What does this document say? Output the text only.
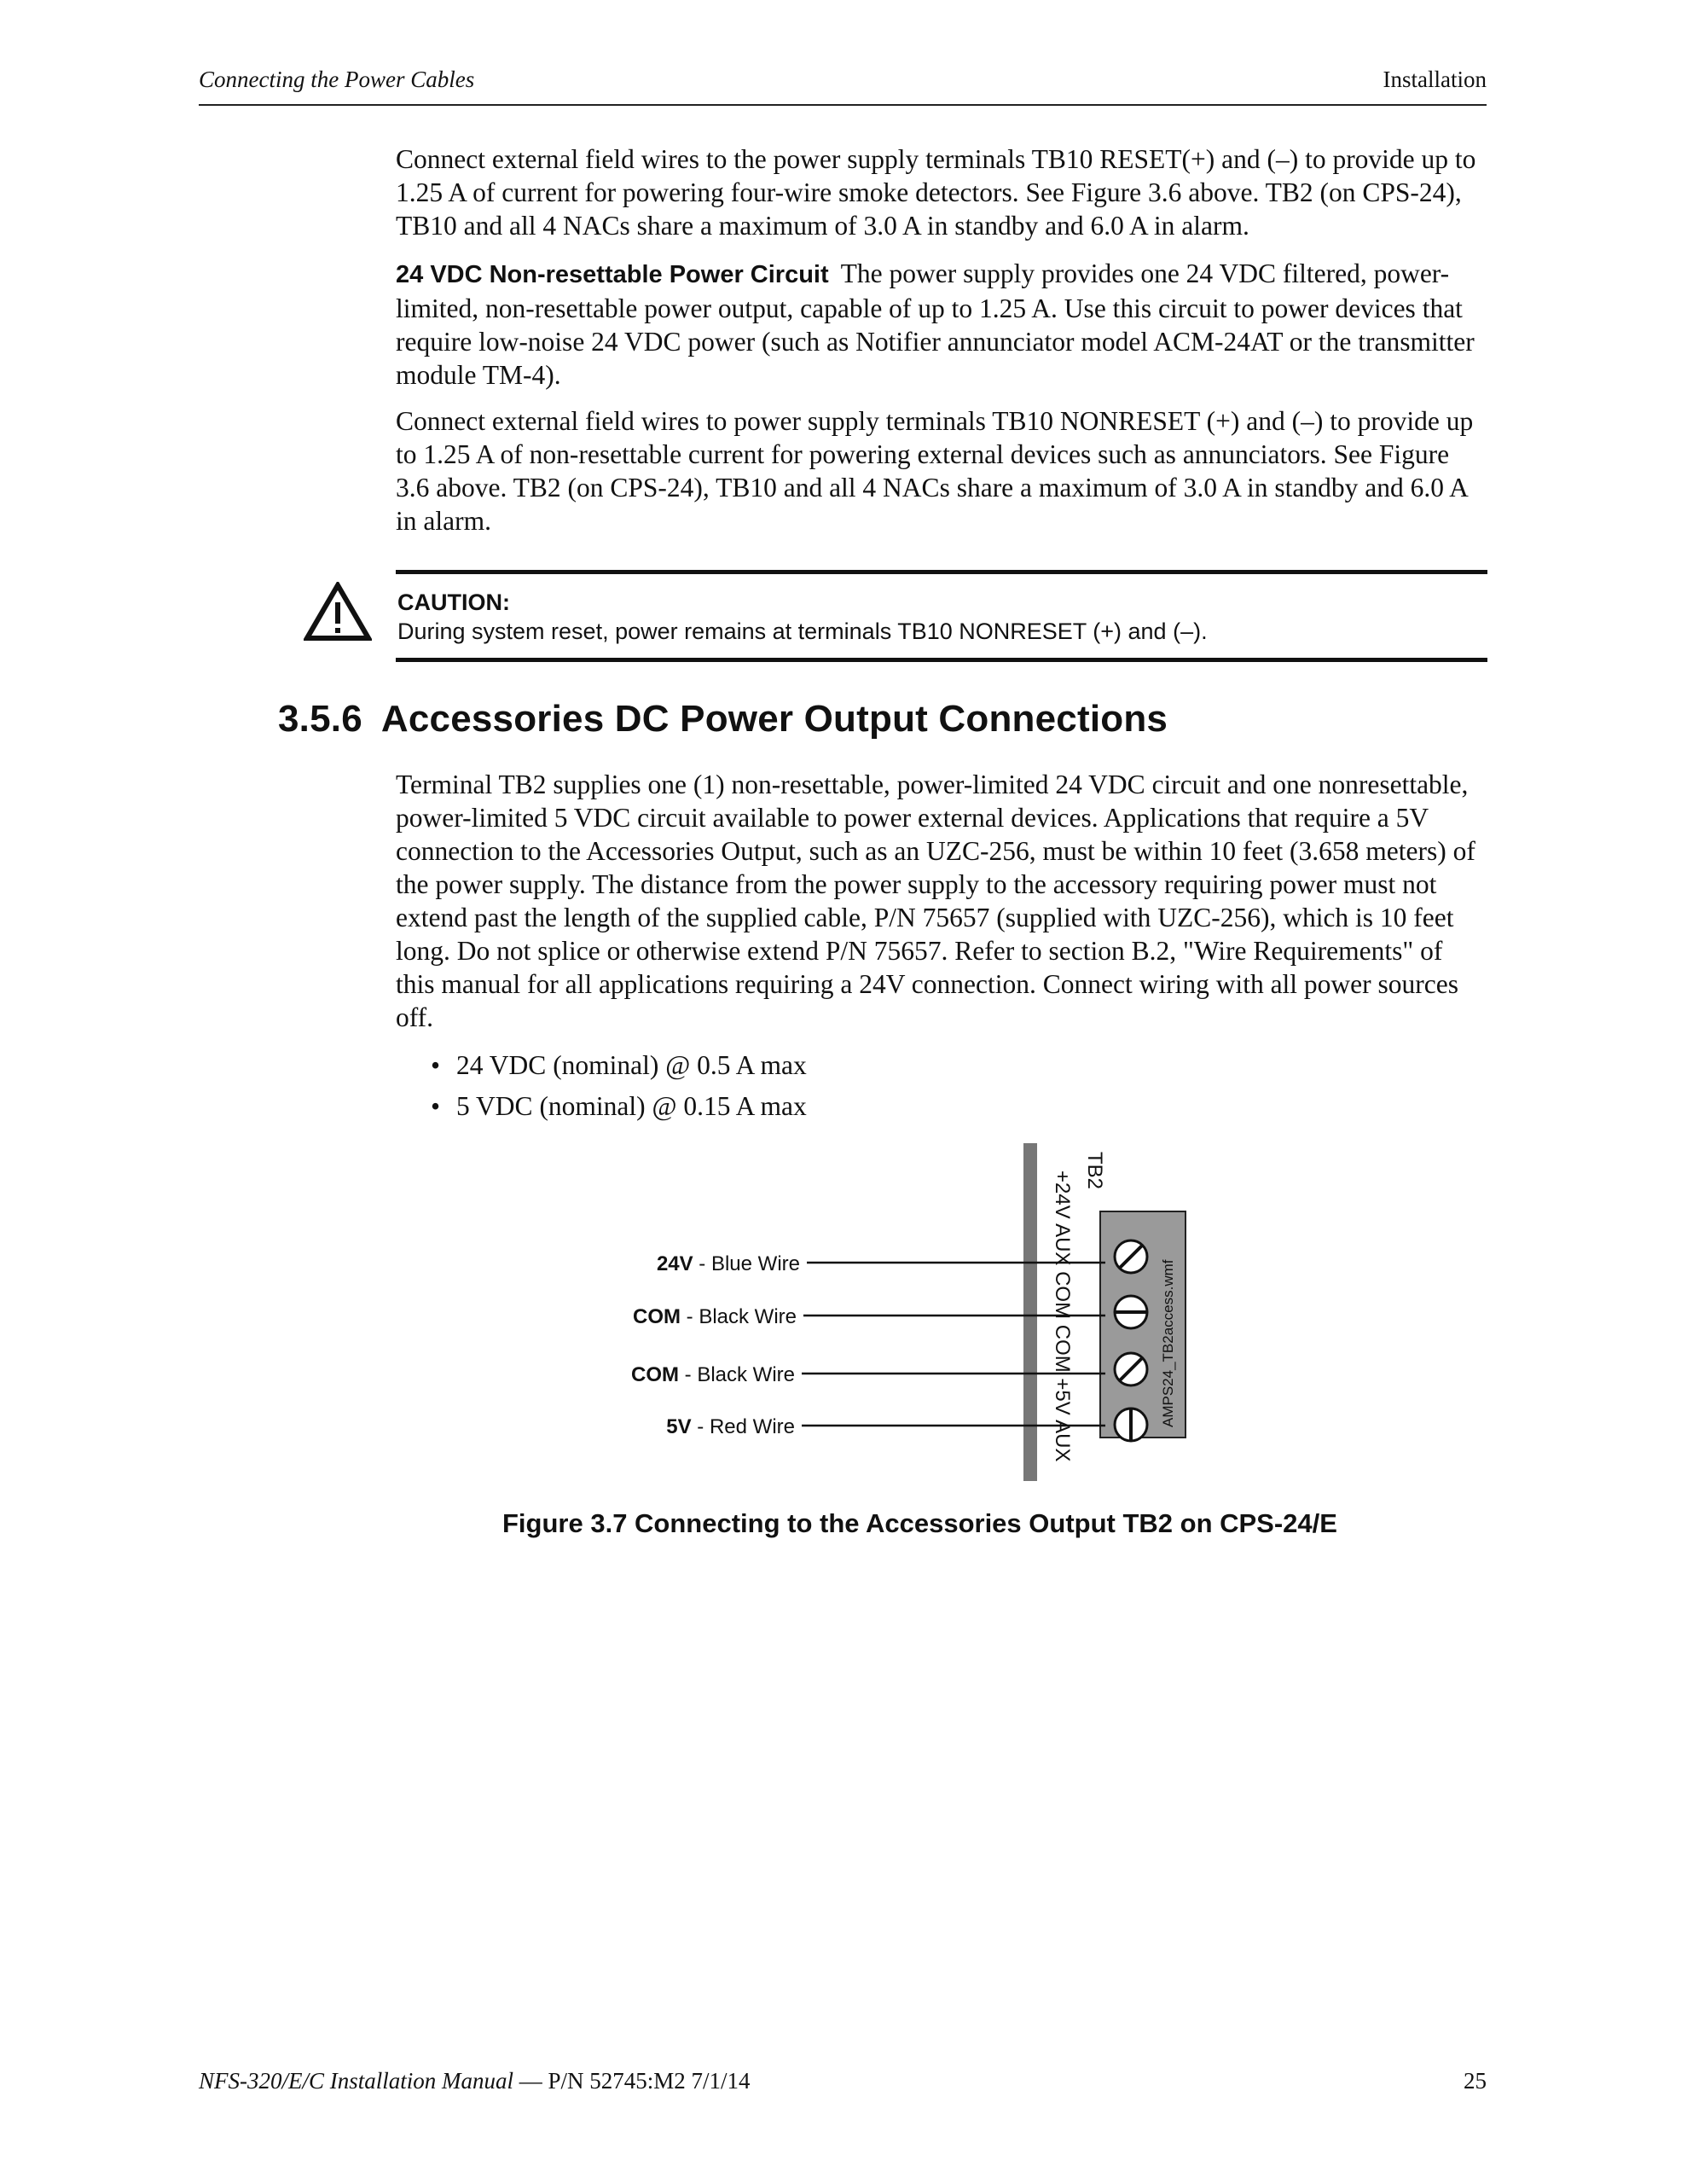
Connecting the Power Cables	Installation

Connect external field wires to the power supply terminals TB10 RESET(+) and (–) to provide up to 1.25 A of current for powering four-wire smoke detectors. See Figure 3.6 above. TB2 (on CPS-24), TB10 and all 4 NACs share a maximum of 3.0 A in standby and 6.0 A in alarm.

24 VDC Non-resettable Power Circuit The power supply provides one 24 VDC filtered, power-limited, non-resettable power output, capable of up to 1.25 A. Use this circuit to power devices that require low-noise 24 VDC power (such as Notifier annunciator model ACM-24AT or the transmitter module TM-4).

Connect external field wires to power supply terminals TB10 NONRESET (+) and (–) to provide up to 1.25 A of non-resettable current for powering external devices such as annunciators. See Figure 3.6 above. TB2 (on CPS-24), TB10 and all 4 NACs share a maximum of 3.0 A in standby and 6.0 A in alarm.

CAUTION:
During system reset, power remains at terminals TB10 NONRESET (+) and (–).
3.5.6 Accessories DC Power Output Connections

Terminal TB2 supplies one (1) non-resettable, power-limited 24 VDC circuit and one nonresettable, power-limited 5 VDC circuit available to power external devices. Applications that require a 5V connection to the Accessories Output, such as an UZC-256, must be within 10 feet (3.658 meters) of the power supply. The distance from the power supply to the accessory requiring power must not extend past the length of the supplied cable, P/N 75657 (supplied with UZC-256), which is 10 feet long. Do not splice or otherwise extend P/N 75657. Refer to section B.2, "Wire Requirements" of this manual for all applications requiring a 24V connection. Connect wiring with all power sources off.

• 24 VDC (nominal) @ 0.5 A max
• 5 VDC (nominal) @ 0.15 A max
24V - Blue Wire
COM - Black Wire
COM - Black Wire
5V - Red Wire
TB2
+24V AUX COM COM +5V AUX	AMPS24_TB2access.wmf

Figure 3.7 Connecting to the Accessories Output TB2 on CPS-24/E

NFS-320/E/C Installation Manual — P/N 52745:M2 7/1/14	25
